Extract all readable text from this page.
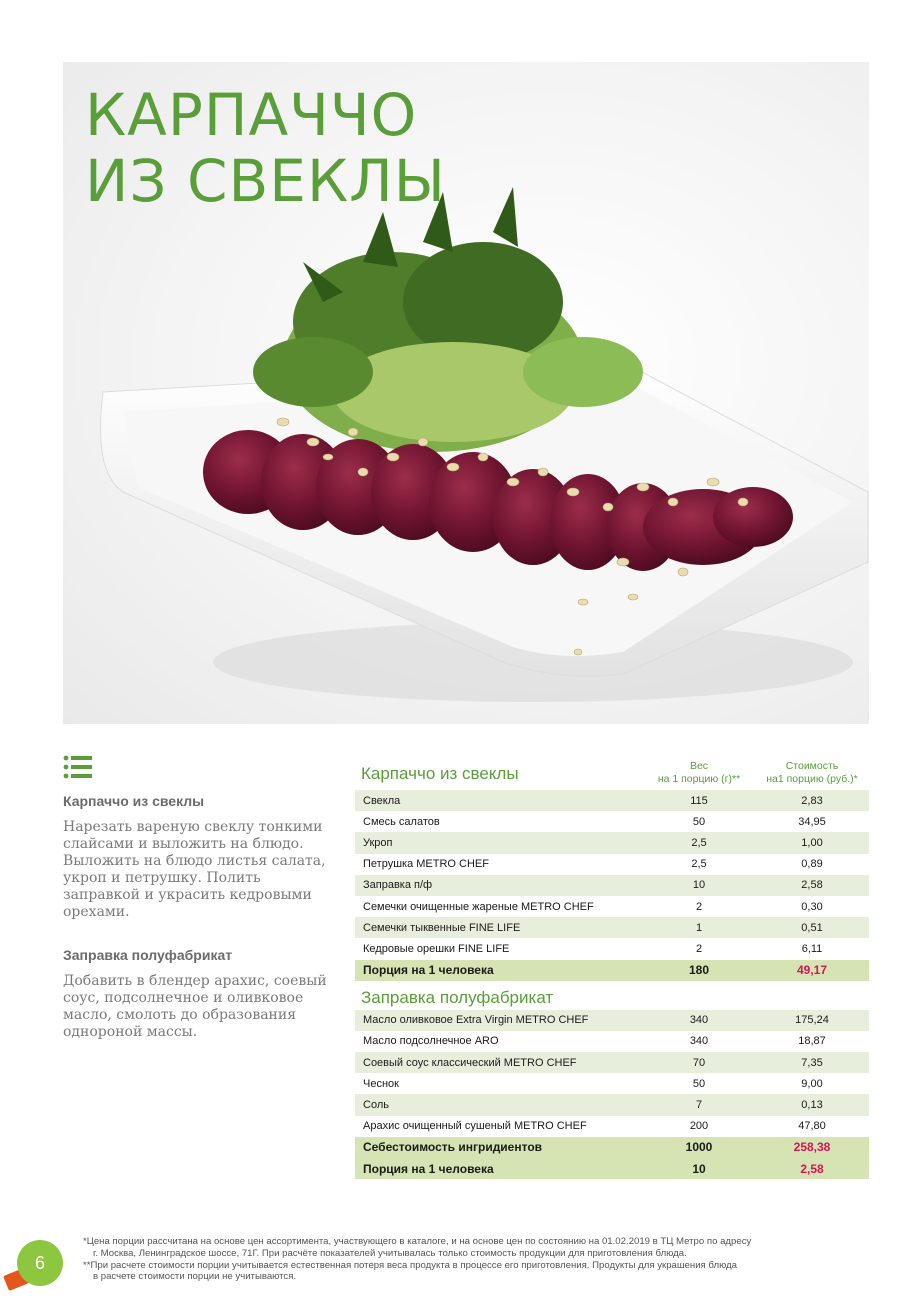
КАРПАЧЧО
ИЗ СВЕКЛЫ

Карпаччо из свеклы

Нарезать вареную свеклу тонкими слайсами и выложить на блюдо. Выложить на блюдо листья салата, укроп и петрушку. Полить заправкой и украсить кедровыми орехами.

Заправка полуфабрикат

Добавить в блендер арахис, соевый соус, подсолнечное и оливковое масло, смолоть до образования однороной массы.

Карпаччо из свеклы	Вес
на 1 порцию (г)**
Стоимость
на1 порцию (руб.)*
Свекла	115	2,83
Смесь салатов	50	34,95
Укроп	2,5	1,00
Петрушка METRO CHEF	2,5	0,89
Заправка п/ф	10	2,58
Семечки очищенные жареные METRO CHEF	2	0,30
Семечки тыквенные FINE LIFE	1	0,51
Кедровые орешки FINE LIFE	2	6,11
Порция на 1 человека	180	49,17
Заправка полуфабрикат
Масло оливковое Extra Virgin METRO CHEF	340	175,24
Масло подсолнечное ARO	340	18,87
Соевый соус классический METRO CHEF	70	7,35
Чеснок	50	9,00
Соль	7	0,13
Арахис очищенный сушеный METRO CHEF	200	47,80
Себестоимость ингридиентов	1000	258,38
Порция на 1 человека	10	2,58
6

*Цена порции рассчитана на основе цен ассортимента, участвующего в каталоге, и на основе цен по состоянию на 01.02.2019 в ТЦ Метро по адресу

г. Москва, Ленинградское шоссе, 71Г. При расчёте показателей учитывалась только стоимость продукции для приготовления блюда.

**При расчете стоимости порции учитывается естественная потеря веса продукта в процессе его приготовления. Продукты для украшения блюда

в расчете стоимости порции не учитываются.
